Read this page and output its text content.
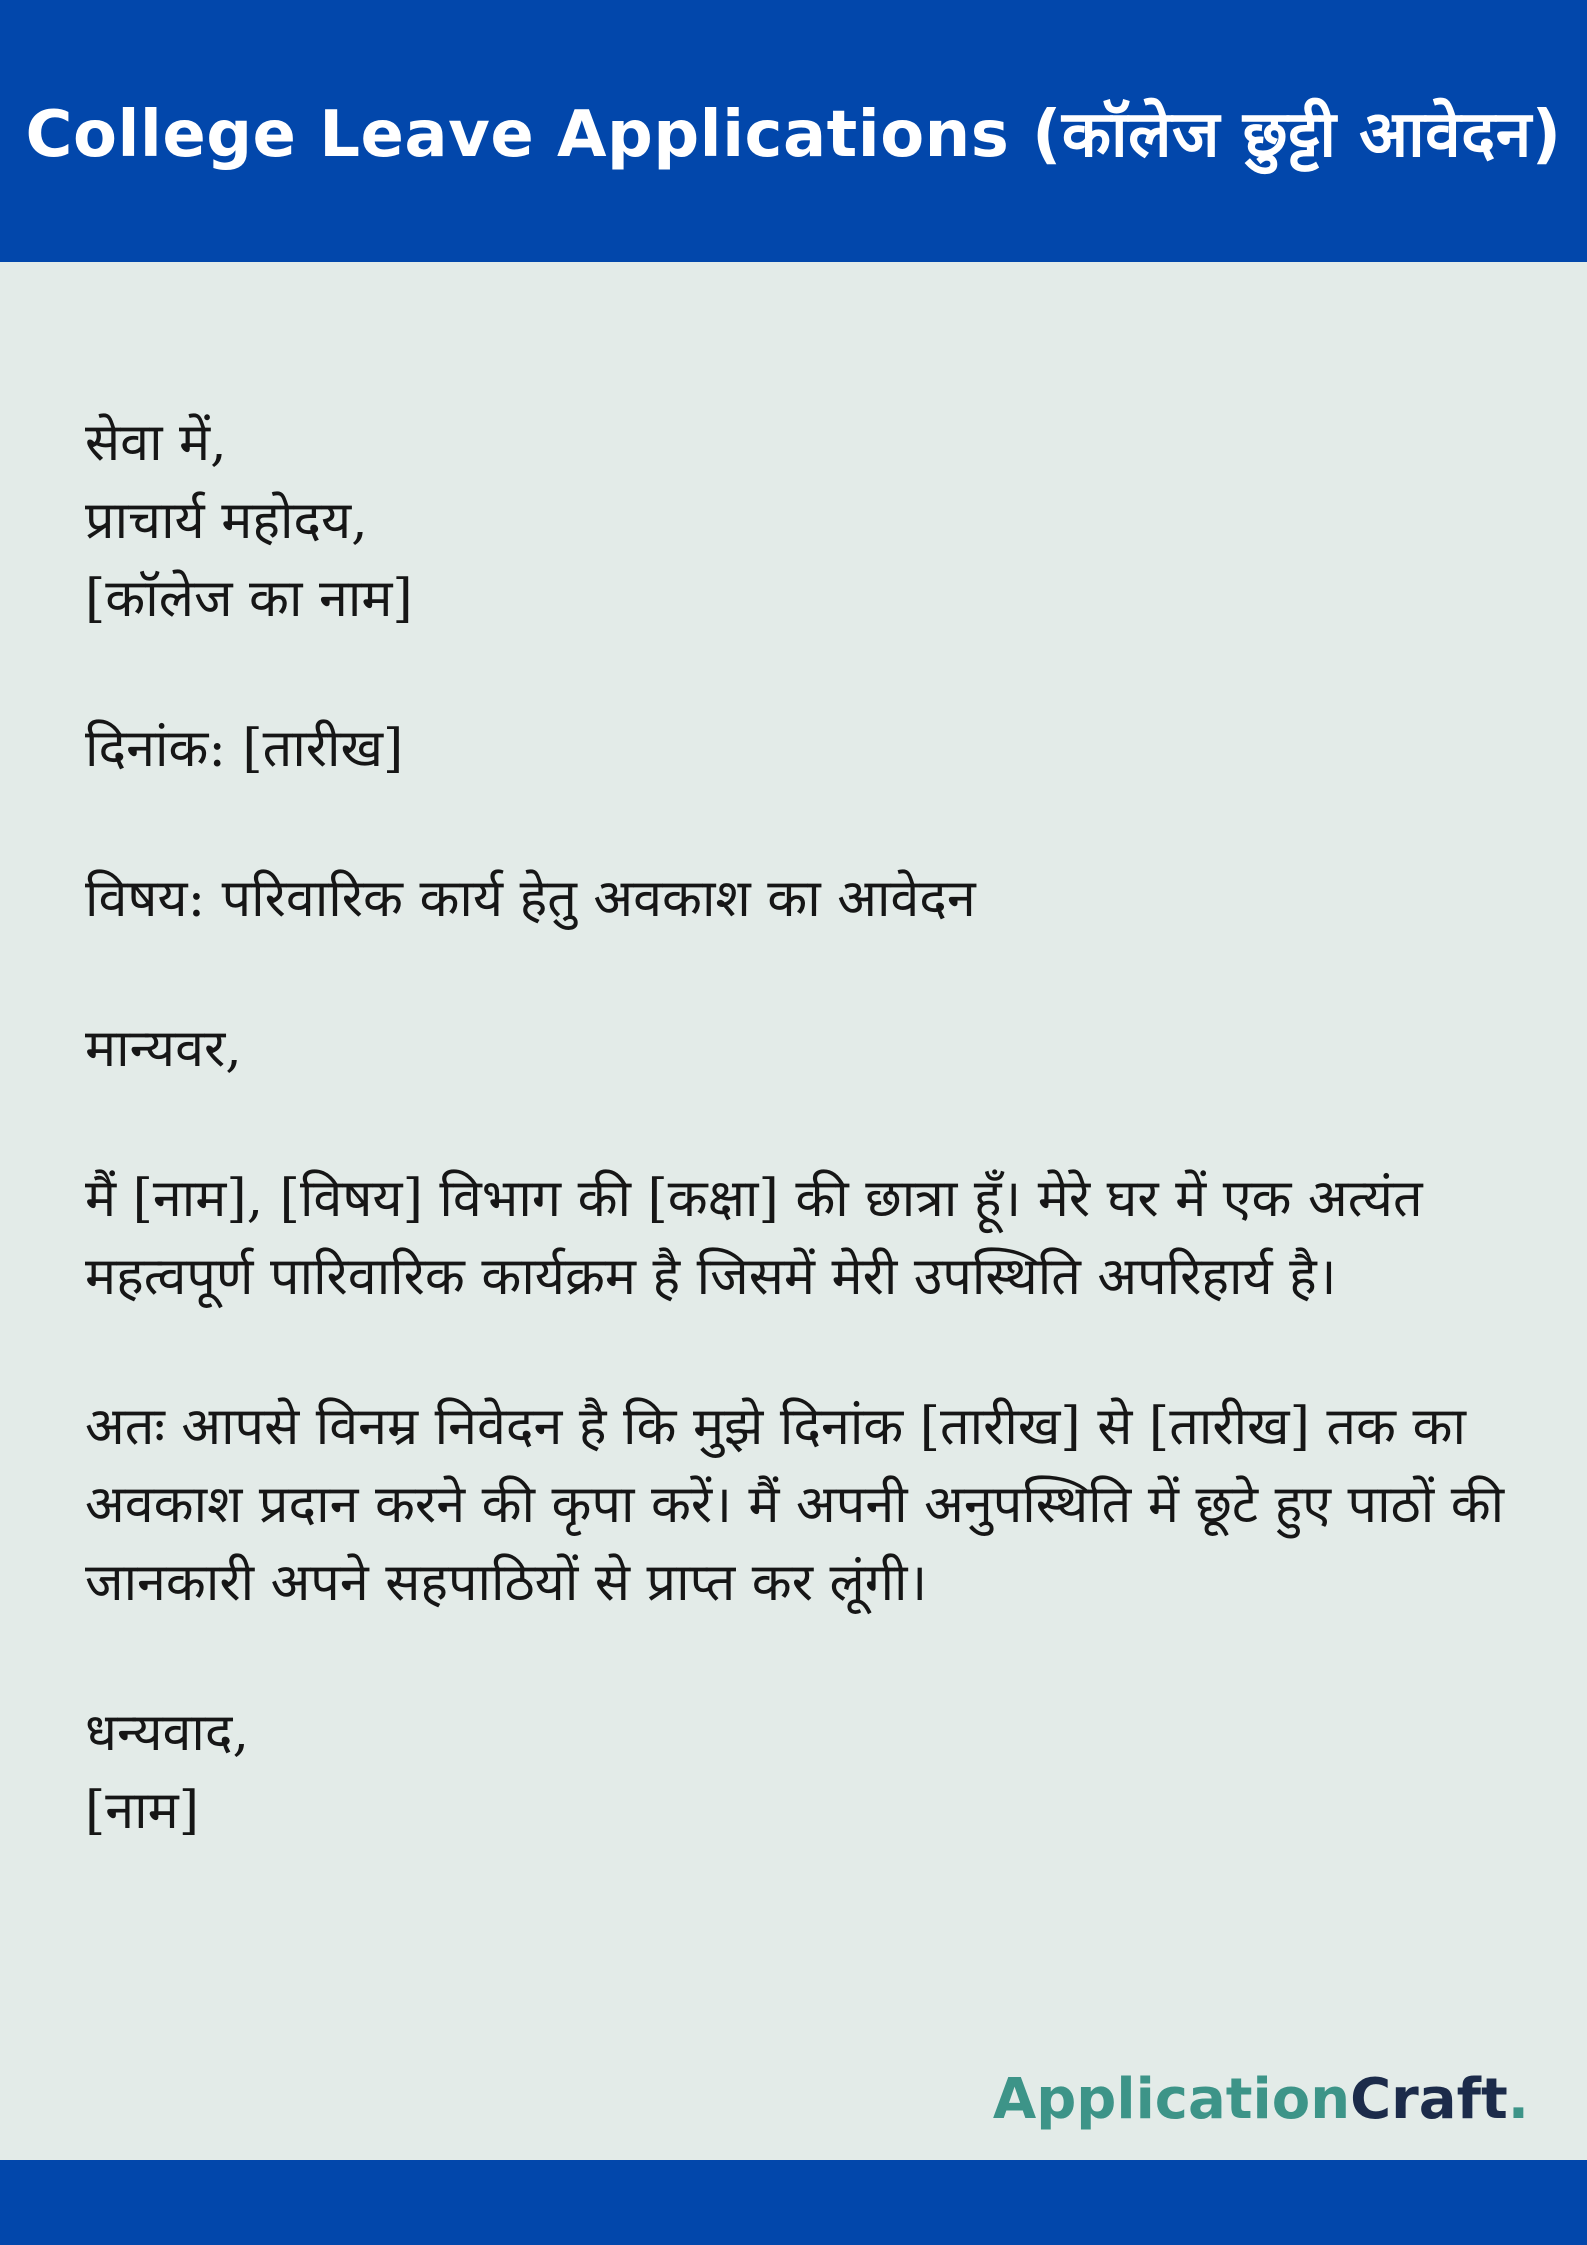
College Leave Applications (कॉलेज छुट्टी आवेदन)
सेवा में,
प्राचार्य महोदय,
[कॉलेज का नाम]
दिनांक: [तारीख]
विषय: परिवारिक कार्य हेतु अवकाश का आवेदन
मान्यवर,

मैं [नाम], [विषय] विभाग की [कक्षा] की छात्रा हूँ। मेरे घर में एक अत्यंत महत्वपूर्ण पारिवारिक कार्यक्रम है जिसमें मेरी उपस्थिति अपरिहार्य है।

अतः आपसे विनम्र निवेदन है कि मुझे दिनांक [तारीख] से [तारीख] तक का अवकाश प्रदान करने की कृपा करें। मैं अपनी अनुपस्थिति में छूटे हुए पाठों की जानकारी अपने सहपाठियों से प्राप्त कर लूंगी।

धन्यवाद,
[नाम]
ApplicationCraft.
